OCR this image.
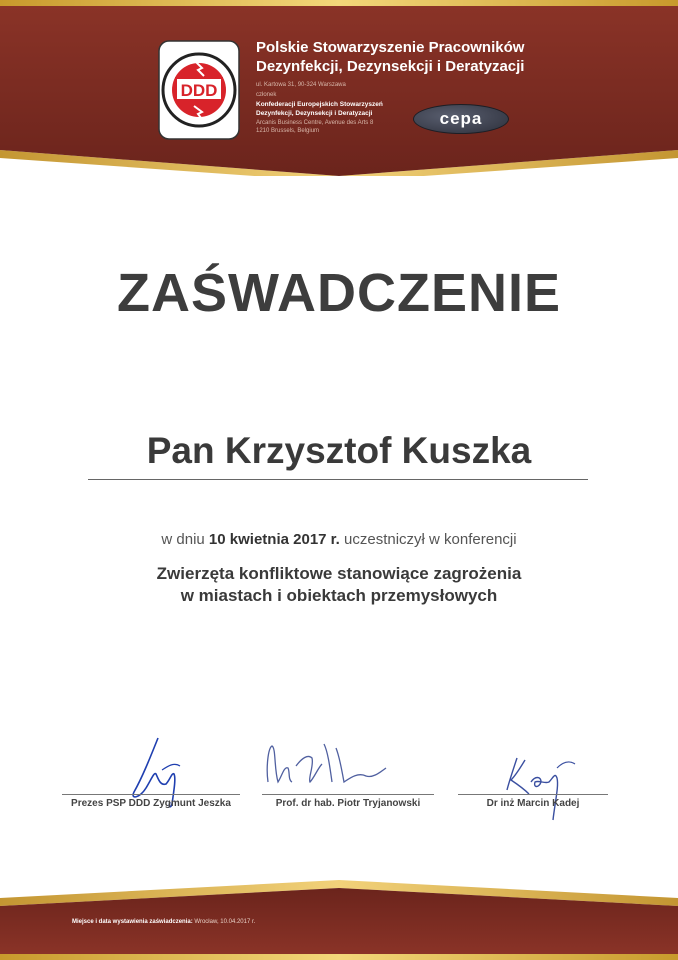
DDD
Polskie Stowarzyszenie Pracowników
Dezynfekcji, Dezynsekcji i Deratyzacji
ul. Kartowa 31, 90-324 Warszawa
członek
Konfederacji Europejskich Stowarzyszeń
Dezynfekcji, Dezynsekcji i Deratyzacji
Arcanis Business Centre, Avenue des Arts 8
1210 Brussels, Belgium
cepa
ZAŚWADCZENIE
Pan Krzysztof Kuszka
w dniu 10 kwietnia 2017 r. uczestniczył w konferencji
Zwierzęta konfliktowe stanowiące zagrożenia
w miastach i obiektach przemysłowych
Prezes PSP DDD Zygmunt Jeszka	Prof. dr hab. Piotr Tryjanowski	Dr inż Marcin Kadej
Miejsce i data wystawienia zaświadczenia: Wrocław, 10.04.2017 r.
